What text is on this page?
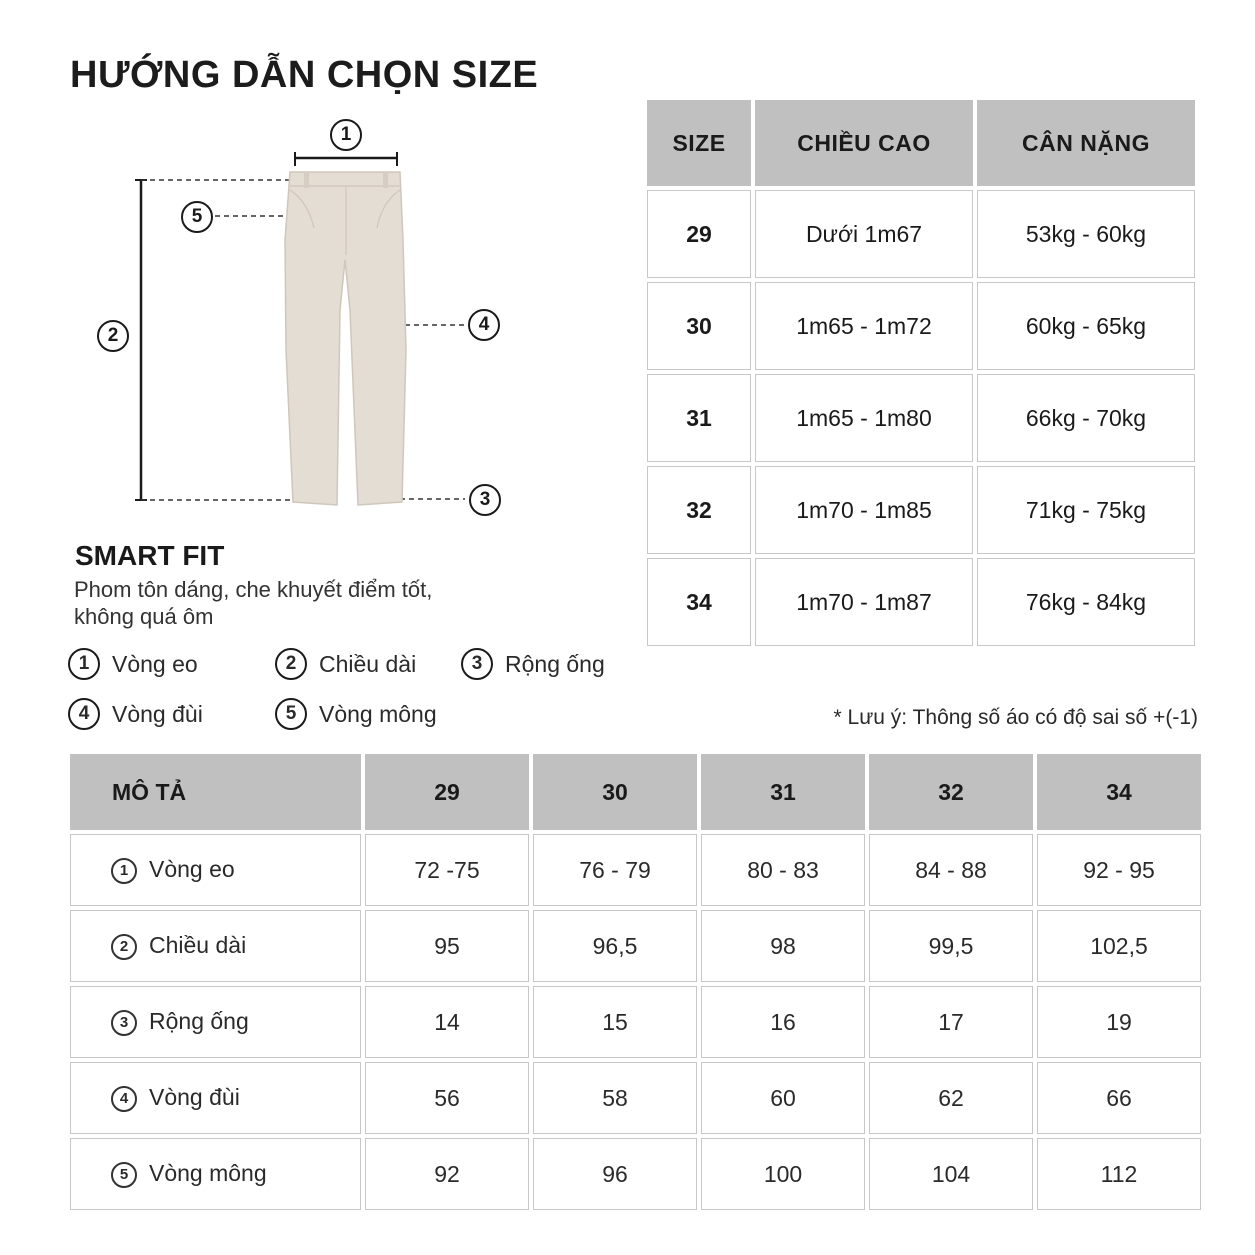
HƯỚNG DẪN CHỌN SIZE
1
2
3
4
5
SIZE	CHIỀU CAO	CÂN NẶNG
29	Dưới 1m67	53kg - 60kg
30	1m65 - 1m72	60kg - 65kg
31	1m65 - 1m80	66kg - 70kg
32	1m70 - 1m85	71kg - 75kg
34	1m70 - 1m87	76kg - 84kg
SMART FIT
Phom tôn dáng, che khuyết điểm tốt,
không quá ôm
1 Vòng eo	2 Chiều dài	3 Rộng ống
4 Vòng đùi	5 Vòng mông	* Lưu ý: Thông số áo có độ sai số +(-1)
MÔ TẢ	29	30	31	32	34
1 Vòng eo	72 -75	76 - 79	80 - 83	84 - 88	92 - 95
2 Chiều dài	95	96,5	98	99,5	102,5
3 Rộng ống	14	15	16	17	19
4 Vòng đùi	56	58	60	62	66
5 Vòng mông	92	96	100	104	112
